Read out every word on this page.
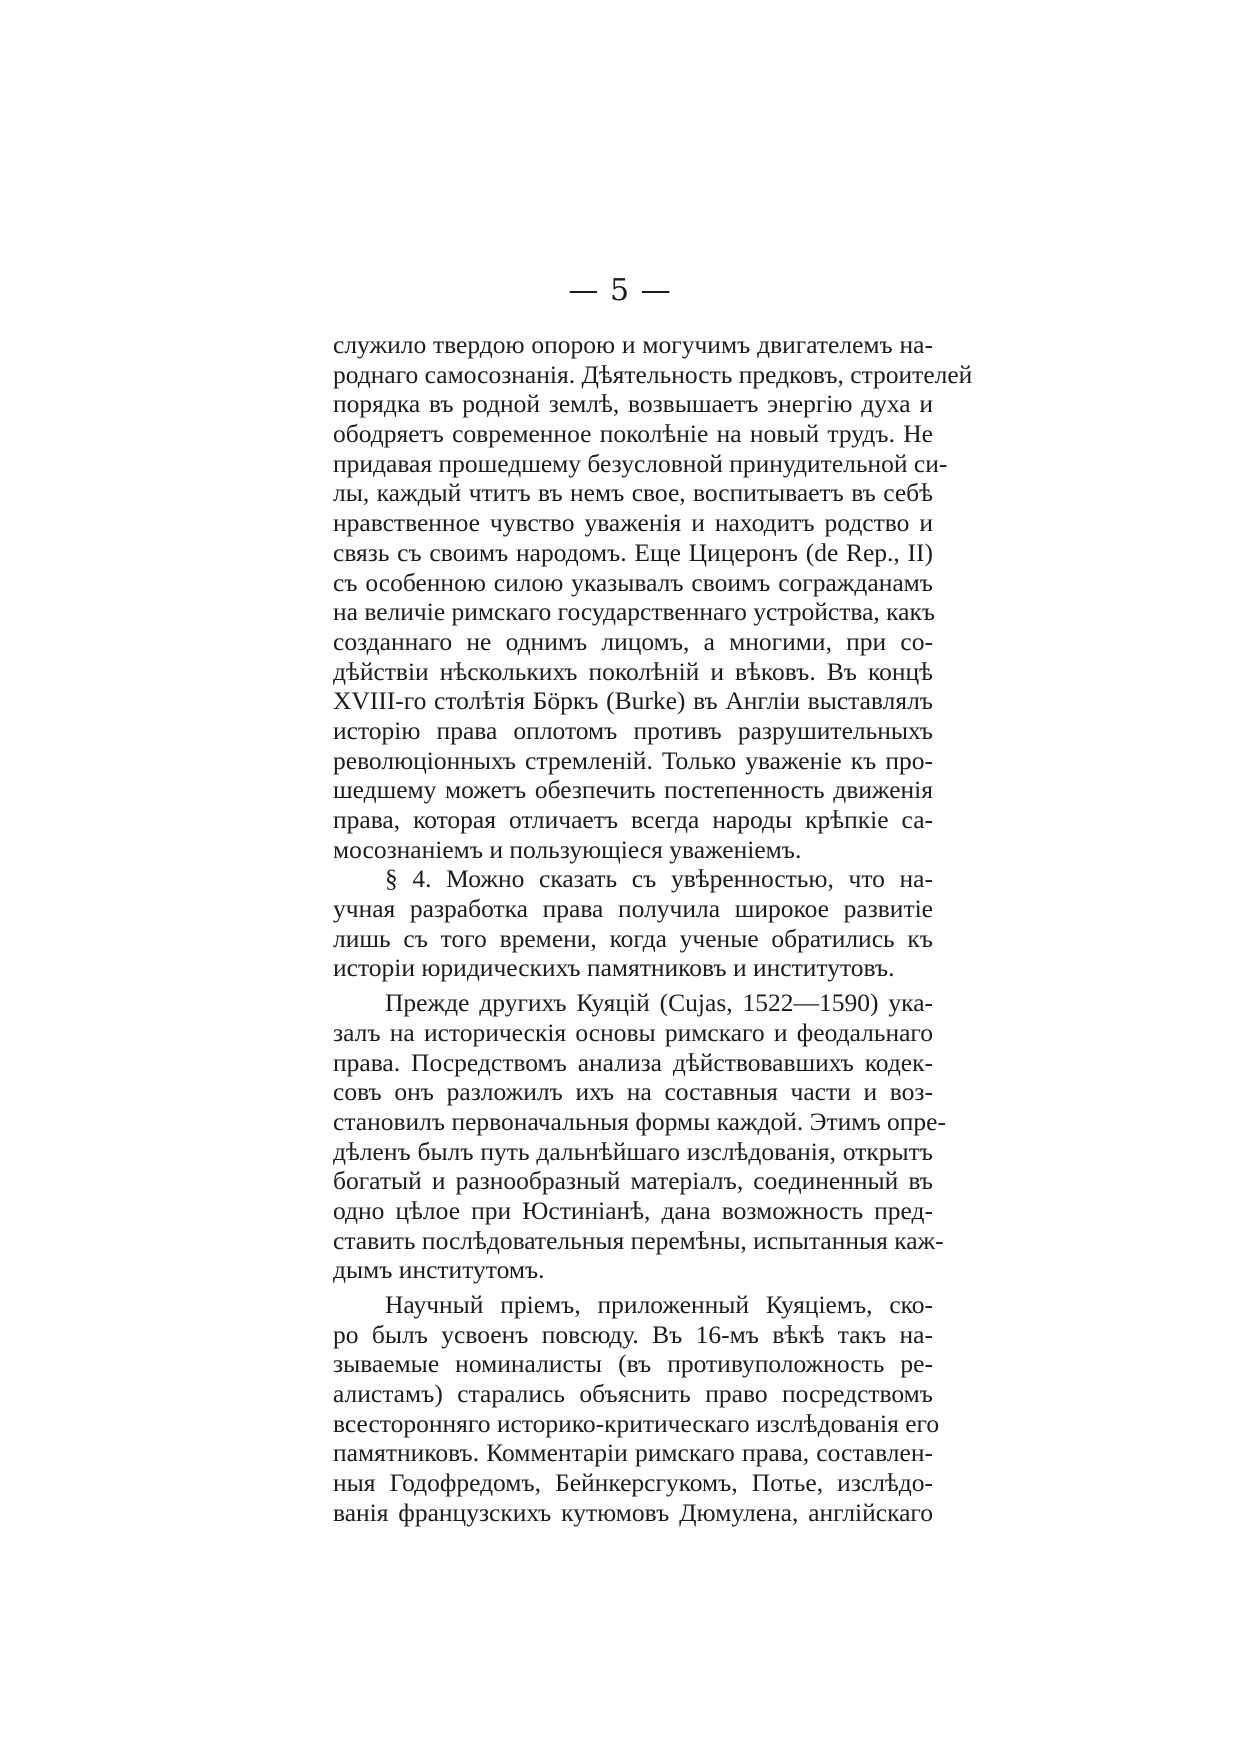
— 5 —
служило твердою опорою и могучимъ двигателемъ на-
роднаго самосознанія. Дѣятельность предковъ, строителей
порядка въ родной землѣ, возвышаетъ энергію духа и
ободряетъ современное поколѣніе на новый трудъ. Не
придавая прошедшему безусловной принудительной си-
лы, каждый чтитъ въ немъ свое, воспитываетъ въ себѣ
нравственное чувство уваженія и находитъ родство и
связь съ своимъ народомъ. Еще Цицеронъ (de Rep., II)
съ особенною силою указывалъ своимъ согражданамъ
на величіе римскаго государственнаго устройства, какъ
созданнаго не однимъ лицомъ, а многими, при со-
дѣйствіи нѣсколькихъ поколѣній и вѣковъ. Въ концѣ
XVIII-го столѣтія Бöркъ (Burke) въ Англіи выставлялъ
исторію права оплотомъ противъ разрушительныхъ
революціонныхъ стремленій. Только уваженіе къ про-
шедшему можетъ обезпечить постепенность движенія
права, которая отличаетъ всегда народы крѣпкіе са-
мосознаніемъ и пользующіеся уваженіемъ.
§ 4. Можно сказать съ увѣренностью, что на-
учная разработка права получила широкое развитіе
лишь съ того времени, когда ученые обратились къ
исторіи юридическихъ памятниковъ и институтовъ.
Прежде другихъ Куяцій (Cujas, 1522—1590) ука-
залъ на историческія основы римскаго и феодальнаго
права. Посредствомъ анализа дѣйствовавшихъ кодек-
совъ онъ разложилъ ихъ на составныя части и воз-
становилъ первоначальныя формы каждой. Этимъ опре-
дѣленъ былъ путь дальнѣйшаго изслѣдованія, открытъ
богатый и разнообразный матеріалъ, соединенный въ
одно цѣлое при Юстиніанѣ, дана возможность пред-
ставить послѣдовательныя перемѣны, испытанныя каж-
дымъ институтомъ.
Научный пріемъ, приложенный Куяціемъ, ско-
ро былъ усвоенъ повсюду. Въ 16-мъ вѣкѣ такъ на-
зываемые номиналисты (въ противуположность ре-
алистамъ) старались объяснить право посредствомъ
всесторонняго историко-критическаго изслѣдованія его
памятниковъ. Комментаріи римскаго права, составлен-
ныя Годофредомъ, Бейнкерсгукомъ, Потье, изслѣдо-
ванія французскихъ кутюмовъ Дюмулена, англійскаго
